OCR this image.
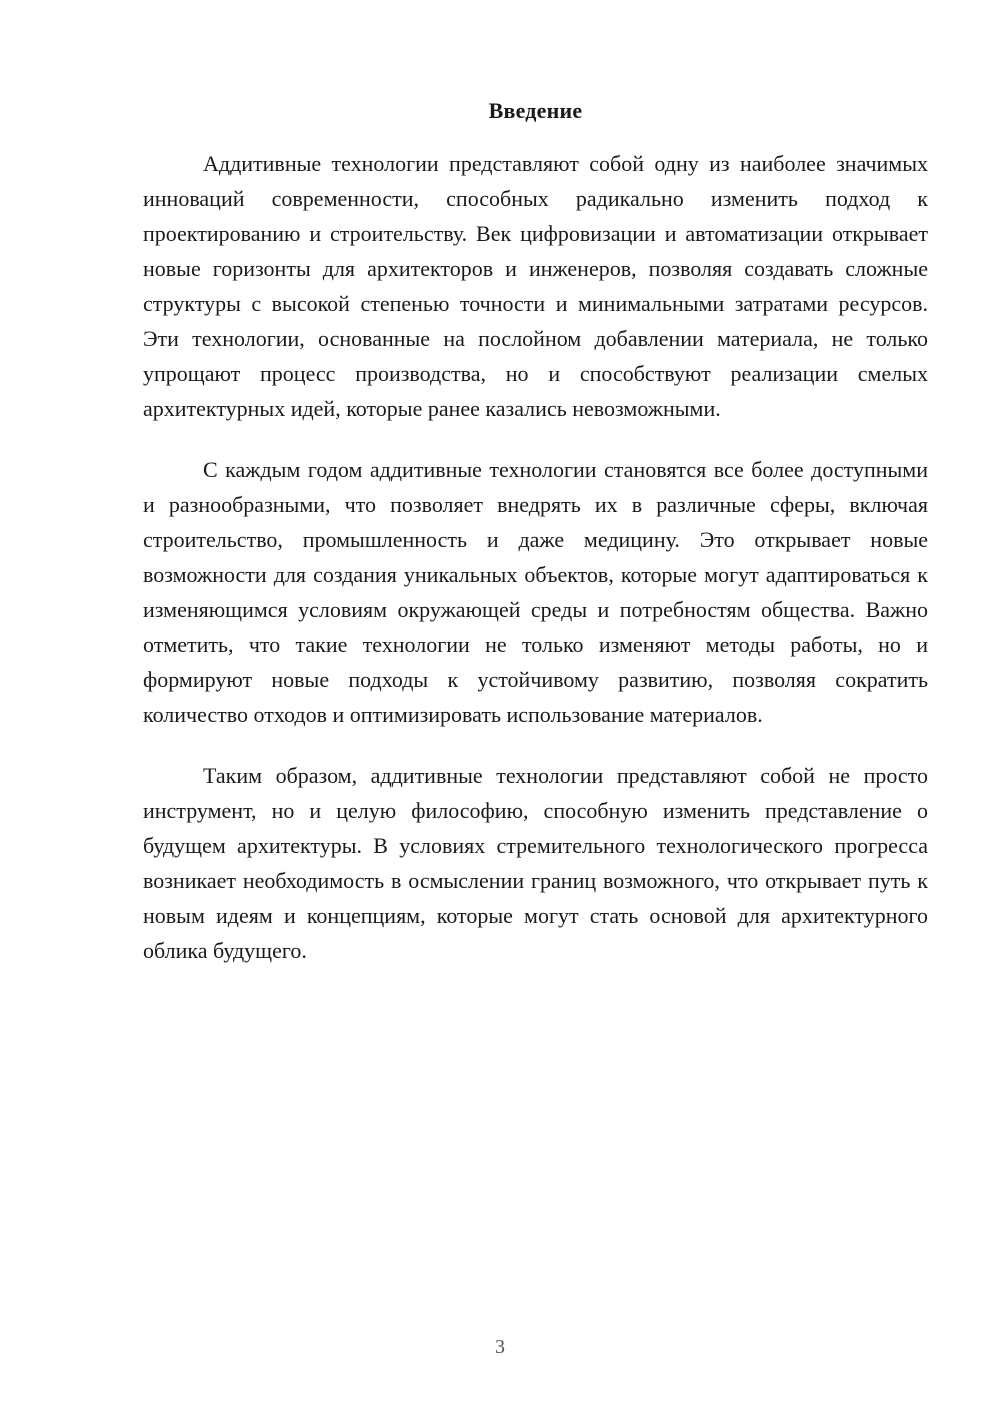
Введение

Аддитивные технологии представляют собой одну из наиболее значимых инноваций современности, способных радикально изменить подход к проектированию и строительству. Век цифровизации и автоматизации открывает новые горизонты для архитекторов и инженеров, позволяя создавать сложные структуры с высокой степенью точности и минимальными затратами ресурсов. Эти технологии, основанные на послойном добавлении материала, не только упрощают процесс производства, но и способствуют реализации смелых архитектурных идей, которые ранее казались невозможными.

С каждым годом аддитивные технологии становятся все более доступными и разнообразными, что позволяет внедрять их в различные сферы, включая строительство, промышленность и даже медицину. Это открывает новые возможности для создания уникальных объектов, которые могут адаптироваться к изменяющимся условиям окружающей среды и потребностям общества. Важно отметить, что такие технологии не только изменяют методы работы, но и формируют новые подходы к устойчивому развитию, позволяя сократить количество отходов и оптимизировать использование материалов.

Таким образом, аддитивные технологии представляют собой не просто инструмент, но и целую философию, способную изменить представление о будущем архитектуры. В условиях стремительного технологического прогресса возникает необходимость в осмыслении границ возможного, что открывает путь к новым идеям и концепциям, которые могут стать основой для архитектурного облика будущего.

3
